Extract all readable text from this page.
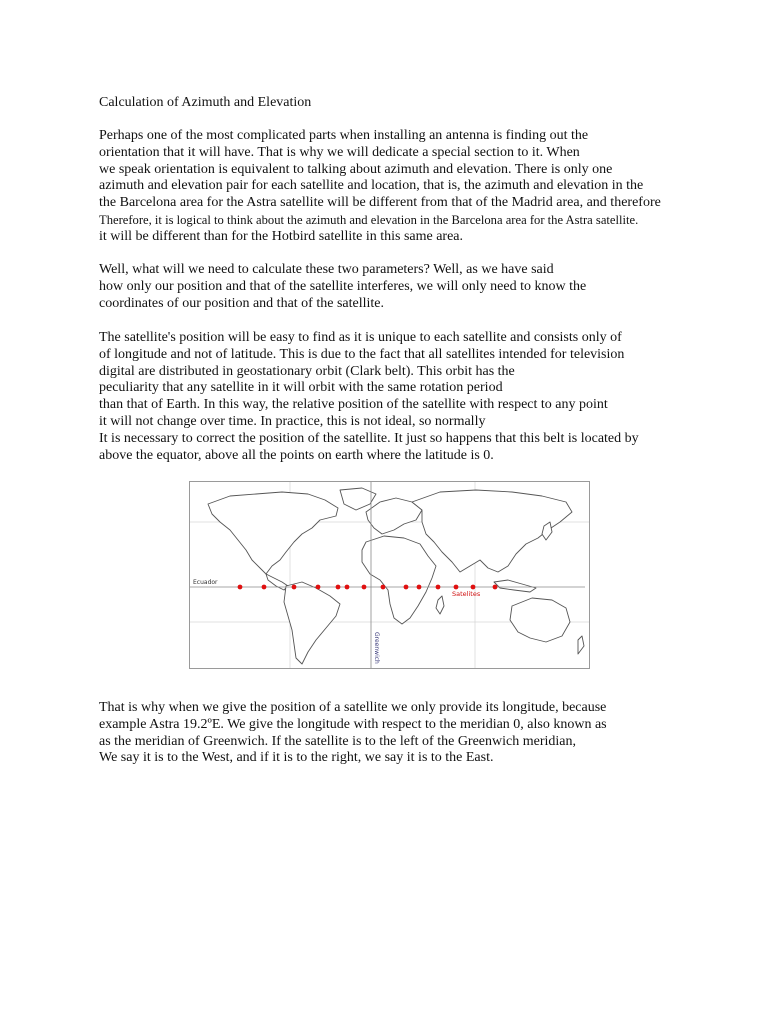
Calculation of Azimuth and Elevation
Perhaps one of the most complicated parts when installing an antenna is finding out the
orientation that it will have. That is why we will dedicate a special section to it. When
we speak orientation is equivalent to talking about azimuth and elevation. There is only one
azimuth and elevation pair for each satellite and location, that is, the azimuth and elevation in the
the Barcelona area for the Astra satellite will be different from that of the Madrid area, and therefore
Therefore, it is logical to think about the azimuth and elevation in the Barcelona area for the Astra satellite.
it will be different than for the Hotbird satellite in this same area.
Well, what will we need to calculate these two parameters? Well, as we have said
how only our position and that of the satellite interferes, we will only need to know the
coordinates of our position and that of the satellite.
The satellite's position will be easy to find as it is unique to each satellite and consists only of
of longitude and not of latitude. This is due to the fact that all satellites intended for television
digital are distributed in geostationary orbit (Clark belt). This orbit has the
peculiarity that any satellite in it will orbit with the same rotation period
than that of Earth. In this way, the relative position of the satellite with respect to any point
it will not change over time. In practice, this is not ideal, so normally
It is necessary to correct the position of the satellite. It just so happens that this belt is located by
above the equator, above all the points on earth where the latitude is 0.
Greenwich
Ecuador
Satelites
That is why when we give the position of a satellite we only provide its longitude, because
example Astra 19.2ºE. We give the longitude with respect to the meridian 0, also known as
as the meridian of Greenwich. If the satellite is to the left of the Greenwich meridian,
We say it is to the West, and if it is to the right, we say it is to the East.
